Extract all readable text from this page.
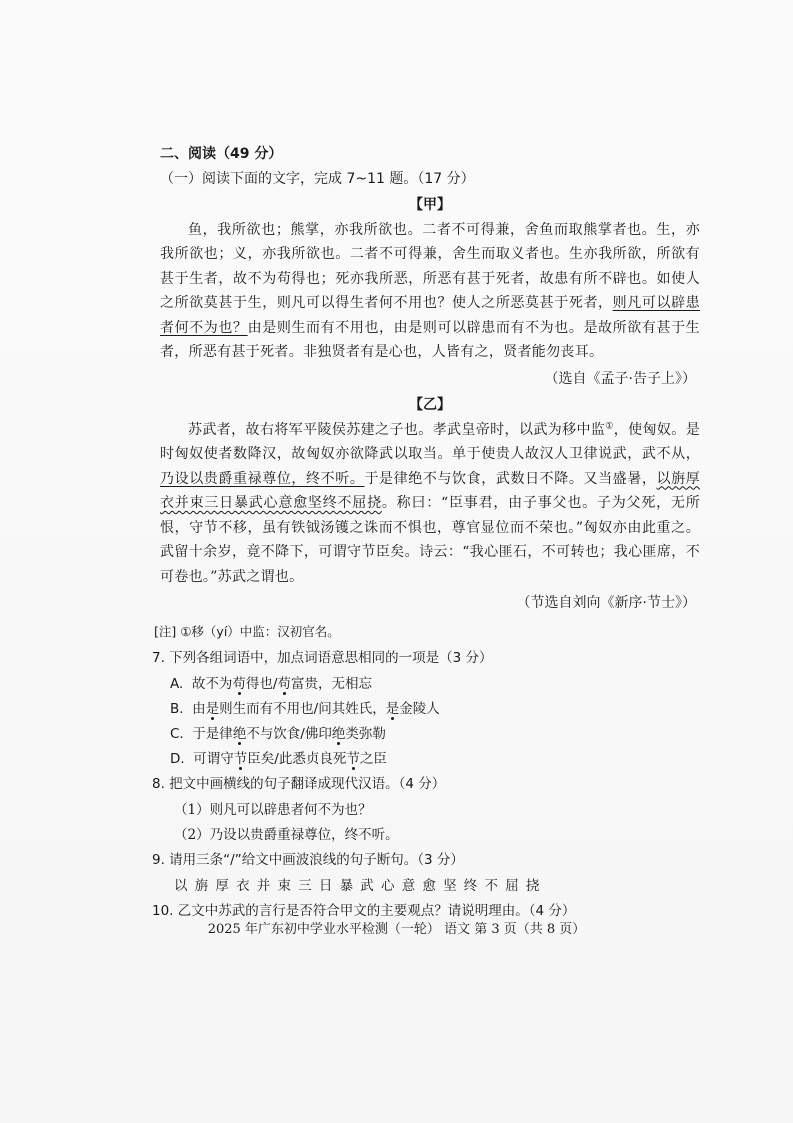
二、阅读（49 分）

（一）阅读下面的文字，完成 7~11 题。（17 分）

【甲】

鱼，我所欲也；熊掌，亦我所欲也。二者不可得兼，舍鱼而取熊掌者也。生，亦我所欲也；义，亦我所欲也。二者不可得兼，舍生而取义者也。生亦我所欲，所欲有甚于生者，故不为苟得也；死亦我所恶，所恶有甚于死者，故患有所不辟也。如使人之所欲莫甚于生，则凡可以得生者何不用也？使人之所恶莫甚于死者，则凡可以辟患者何不为也？由是则生而有不用也，由是则可以辟患而有不为也。是故所欲有甚于生者，所恶有甚于死者。非独贤者有是心也，人皆有之，贤者能勿丧耳。

（选自《孟子·告子上》）

【乙】

苏武者，故右将军平陵侯苏建之子也。孝武皇帝时，以武为移中监①，使匈奴。是时匈奴使者数降汉，故匈奴亦欲降武以取当。单于使贵人故汉人卫律说武，武不从，乃设以贵爵重禄尊位，终不听。于是律绝不与饮食，武数日不降。又当盛暑，以旃厚衣并束三日暴武心意愈坚终不屈挠。称曰：“臣事君，由子事父也。子为父死，无所恨，守节不移，虽有铁钺汤镬之诛而不惧也，尊官显位而不荣也。”匈奴亦由此重之。武留十余岁，竟不降下，可谓守节臣矣。诗云：“我心匪石，不可转也；我心匪席，不可卷也。”苏武之谓也。

（节选自刘向《新序·节士》）

[注] ①移（yí）中监：汉初官名。

7. 下列各组词语中，加点词语意思相同的一项是（3 分）

A. 故不为苟得也/苟富贵，无相忘

B. 由是则生而有不用也/问其姓氏，是金陵人

C. 于是律绝不与饮食/佛印绝类弥勒

D. 可谓守节臣矣/此悉贞良死节之臣

8. 把文中画横线的句子翻译成现代汉语。（4 分）

（1）则凡可以辟患者何不为也？

（2）乃设以贵爵重禄尊位，终不听。

9. 请用三条“/”给文中画波浪线的句子断句。（3 分）

以旃厚衣并束三日暴武心意愈坚终不屈挠

10. 乙文中苏武的言行是否符合甲文的主要观点？请说明理由。（4 分）

2025 年广东初中学业水平检测（一轮） 语文 第 3 页（共 8 页）
